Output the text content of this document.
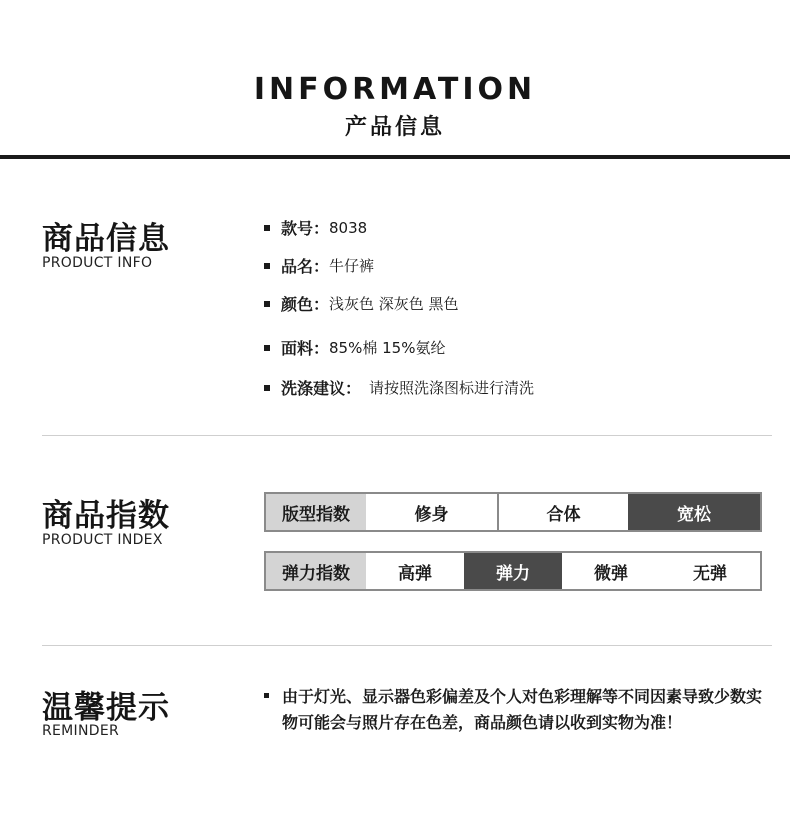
INFORMATION
产品信息
商品信息
PRODUCT INFO
款号： 8038
品名： 牛仔裤
颜色： 浅灰色 深灰色 黑色
面料： 85%棉 15%氨纶
洗涤建议： 请按照洗涤图标进行清洗
商品指数
PRODUCT INDEX
版型指数	修身	合体	宽松
弹力指数	高弹	弹力	微弹	无弹
温馨提示
REMINDER
由于灯光、显示器色彩偏差及个人对色彩理解等不同因素导致少数实物可能会与照片存在色差，商品颜色请以收到实物为准！
